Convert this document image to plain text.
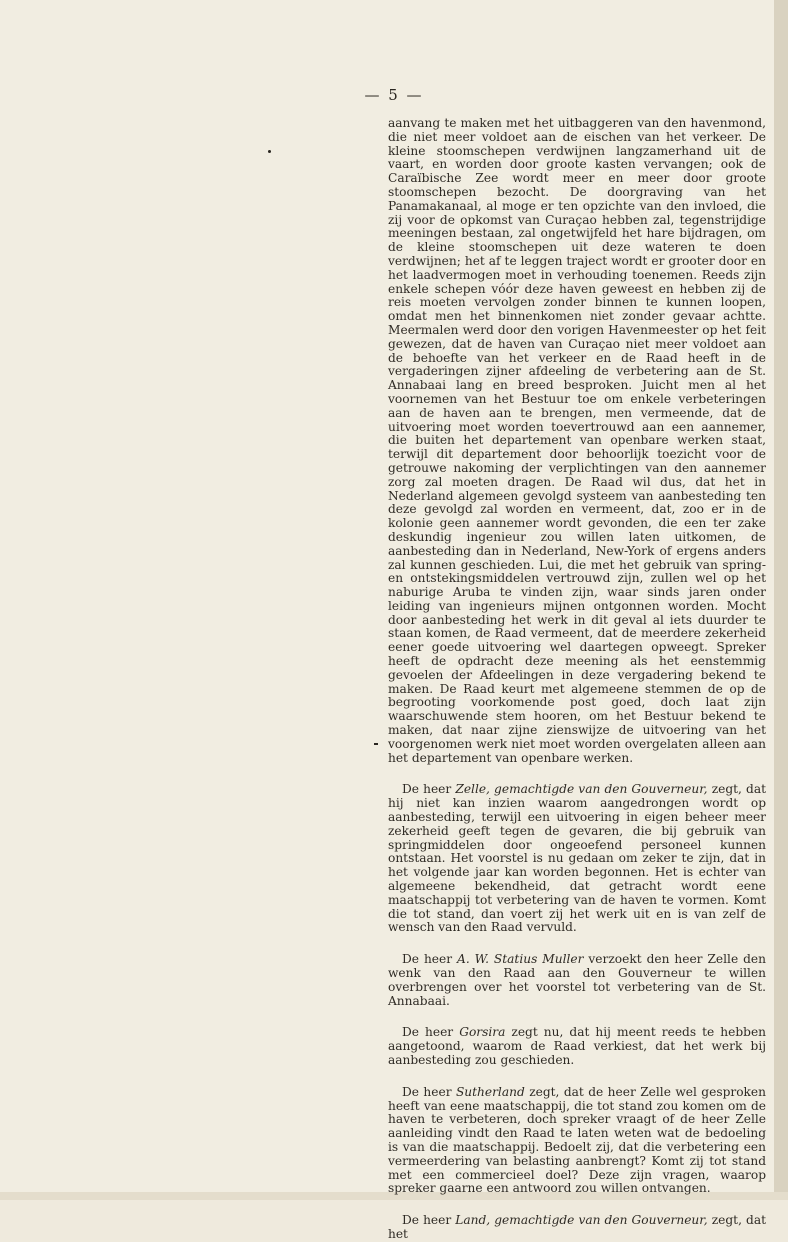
— 5 —

aanvang te maken met het uitbaggeren van den havenmond, die niet meer voldoet aan de eischen van het verkeer. De kleine stoomschepen verdwijnen langzamerhand uit de vaart, en worden door groote kasten vervangen; ook de Caraïbische Zee wordt meer en meer door groote stoomschepen bezocht. De doorgraving van het Panamakanaal, al moge er ten opzichte van den invloed, die zij voor de opkomst van Curaçao hebben zal, tegenstrijdige meeningen bestaan, zal ongetwijfeld het hare bijdragen, om de kleine stoomschepen uit deze wateren te doen verdwijnen; het af te leggen traject wordt er grooter door en het laadvermogen moet in verhouding toenemen. Reeds zijn enkele schepen vóór deze haven geweest en hebben zij de reis moeten vervolgen zonder binnen te kunnen loopen, omdat men het binnenkomen niet zonder gevaar achtte. Meermalen werd door den vorigen Havenmeester op het feit gewezen, dat de haven van Curaçao niet meer voldoet aan de behoefte van het verkeer en de Raad heeft in de vergaderingen zijner afdeeling de verbetering aan de St. Annabaai lang en breed besproken. Juicht men al het voornemen van het Bestuur toe om enkele verbeteringen aan de haven aan te brengen, men vermeende, dat de uitvoering moet worden toevertrouwd aan een aannemer, die buiten het departement van openbare werken staat, terwijl dit departement door behoorlijk toezicht voor de getrouwe nakoming der verplichtingen van den aannemer zorg zal moeten dragen. De Raad wil dus, dat het in Nederland algemeen gevolgd systeem van aanbesteding ten deze gevolgd zal worden en vermeent, dat, zoo er in de kolonie geen aannemer wordt gevonden, die een ter zake deskundig ingenieur zou willen laten uitkomen, de aanbesteding dan in Nederland, New-York of ergens anders zal kunnen geschieden. Lui, die met het gebruik van spring- en ontstekingsmiddelen vertrouwd zijn, zullen wel op het naburige Aruba te vinden zijn, waar sinds jaren onder leiding van ingenieurs mijnen ontgonnen worden. Mocht door aanbesteding het werk in dit geval al iets duurder te staan komen, de Raad vermeent, dat de meerdere zekerheid eener goede uitvoering wel daartegen opweegt. Spreker heeft de opdracht deze meening als het eenstemmig gevoelen der Afdeelingen in deze vergadering bekend te maken. De Raad keurt met algemeene stemmen de op de begrooting voorkomende post goed, doch laat zijn waarschuwende stem hooren, om het Bestuur bekend te maken, dat naar zijne zienswijze de uitvoering van het voorgenomen werk niet moet worden overgelaten alleen aan het departement van openbare werken.

De heer Zelle, gemachtigde van den Gouverneur, zegt, dat hij niet kan inzien waarom aangedrongen wordt op aanbesteding, terwijl een uitvoering in eigen beheer meer zekerheid geeft tegen de gevaren, die bij gebruik van springmiddelen door ongeoefend personeel kunnen ontstaan. Het voorstel is nu gedaan om zeker te zijn, dat in het volgende jaar kan worden begonnen. Het is echter van algemeene bekendheid, dat getracht wordt eene maatschappij tot verbetering van de haven te vormen. Komt die tot stand, dan voert zij het werk uit en is van zelf de wensch van den Raad vervuld.

De heer A. W. Statius Muller verzoekt den heer Zelle den wenk van den Raad aan den Gouverneur te willen overbrengen over het voorstel tot verbetering van de St. Annabaai.

De heer Gorsira zegt nu, dat hij meent reeds te hebben aangetoond, waarom de Raad verkiest, dat het werk bij aanbesteding zou geschieden.

De heer Sutherland zegt, dat de heer Zelle wel gesproken heeft van eene maatschappij, die tot stand zou komen om de haven te verbeteren, doch spreker vraagt of de heer Zelle aanleiding vindt den Raad te laten weten wat de bedoeling is van die maatschappij. Bedoelt zij, dat die verbetering een vermeerdering van belasting aanbrengt? Komt zij tot stand met een commercieel doel? Deze zijn vragen, waarop spreker gaarne een antwoord zou willen ontvangen.

De heer Land, gemachtigde van den Gouverneur, zegt, dat het
